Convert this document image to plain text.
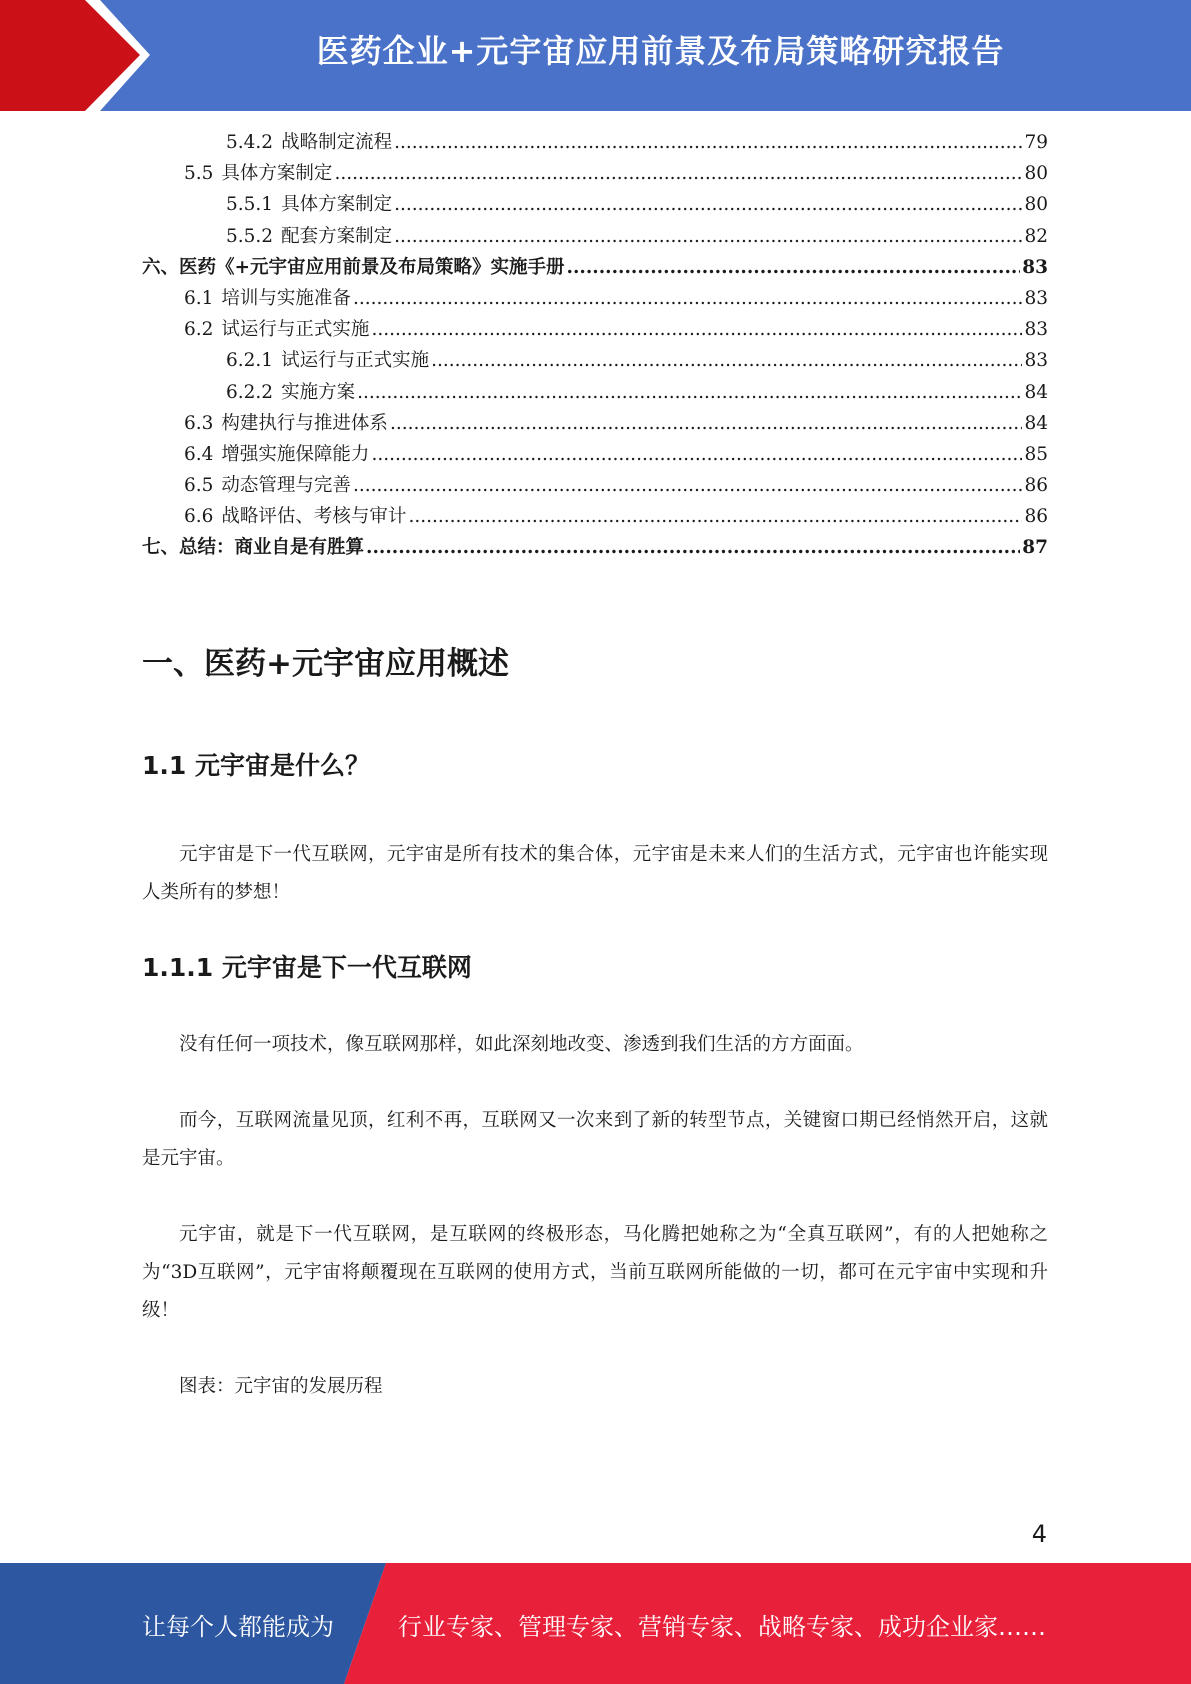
医药企业+元宇宙应用前景及布局策略研究报告
5.4.2 战略制定流程 .....	79
5.5 具体方案制定 .....	80
5.5.1 具体方案制定 .....	80
5.5.2 配套方案制定 .....	82
六、医药《+元宇宙应用前景及布局策略》实施手册 .....	83
6.1 培训与实施准备 .....	83
6.2 试运行与正式实施 .....	83
6.2.1 试运行与正式实施 .....	83
6.2.2 实施方案 .....	84
6.3 构建执行与推进体系 .....	84
6.4 增强实施保障能力 .....	85
6.5 动态管理与完善 .....	86
6.6 战略评估、考核与审计 .....	86
七、总结：商业自是有胜算 .....	87
一、医药+元宇宙应用概述
1.1 元宇宙是什么？
元宇宙是下一代互联网，元宇宙是所有技术的集合体，元宇宙是未来人们的生活方式，元宇宙也许能实现人类所有的梦想！
1.1.1 元宇宙是下一代互联网
没有任何一项技术，像互联网那样，如此深刻地改变、渗透到我们生活的方方面面。
而今，互联网流量见顶，红利不再，互联网又一次来到了新的转型节点，关键窗口期已经悄然开启，这就是元宇宙。
元宇宙，就是下一代互联网，是互联网的终极形态，马化腾把她称之为“全真互联网”，有的人把她称之为“3D互联网”，元宇宙将颠覆现在互联网的使用方式，当前互联网所能做的一切，都可在元宇宙中实现和升级！
图表：元宇宙的发展历程
4
让每个人都能成为	行业专家、管理专家、营销专家、战略专家、成功企业家……
